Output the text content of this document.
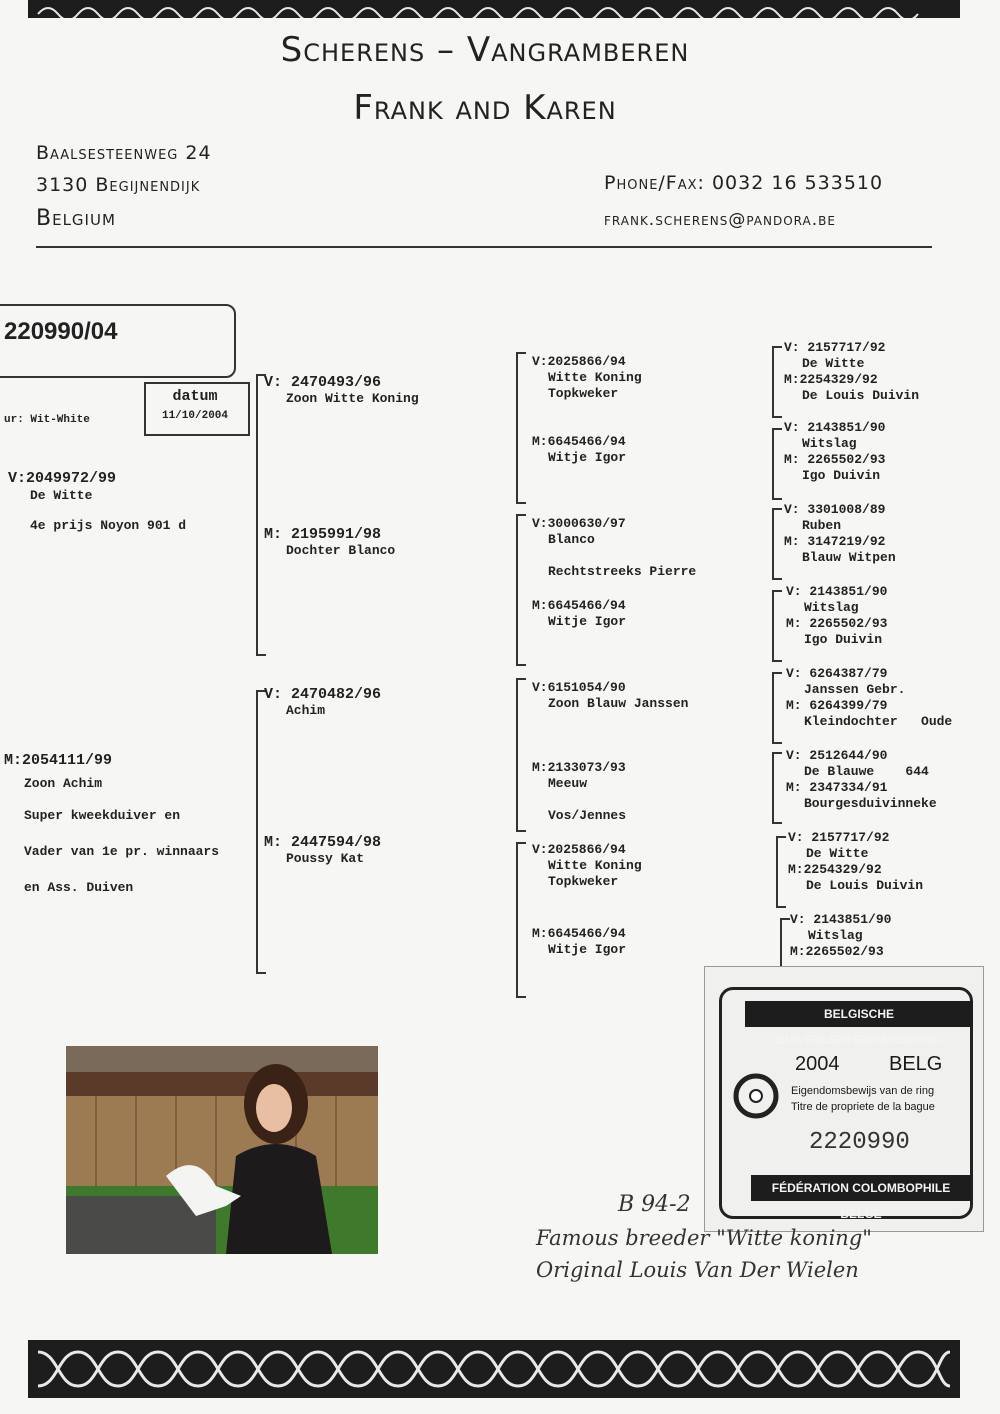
Scherens – Vangramberen
Frank and Karen
Baalsesteenweg 24
3130 Begijnendijk
Belgium
Phone/Fax: 0032 16 533510
frank.scherens@pandora.be
220990/04
datum
11/10/2004
ur: Wit-White
V:2049972/99
De Witte
4e prijs Noyon 901 d
M:2054111/99
Zoon Achim
Super kweekduiver en
Vader van 1e pr. winnaars
en Ass. Duiven
V: 2470493/96
Zoon Witte Koning
M: 2195991/98
Dochter Blanco
V: 2470482/96
Achim
M: 2447594/98
Poussy Kat
V:2025866/94
Witte Koning
Topkweker
M:6645466/94
Witje Igor
V:3000630/97
Blanco
Rechtstreeks Pierre
M:6645466/94
Witje Igor
V:6151054/90
Zoon Blauw Janssen
M:2133073/93
Meeuw
Vos/Jennes
V:2025866/94
Witte Koning
Topkweker
M:6645466/94
Witje Igor
V: 2157717/92
De Witte
M:2254329/92
De Louis Duivin
V: 2143851/90
Witslag
M: 2265502/93
Igo Duivin
V: 3301008/89
Ruben
M: 3147219/92
Blauw Witpen
V: 2143851/90
Witslag
M: 2265502/93
Igo Duivin
V: 6264387/79
Janssen Gebr.
M: 6264399/79
Kleindochter   Oude
V: 2512644/90
De Blauwe    644
M: 2347334/91
Bourgesduivinneke
V: 2157717/92
De Witte
M:2254329/92
De Louis Duivin
V: 2143851/90
Witslag
M:2265502/93
BELGISCHE DUIVENLIEFHEBBERSBOND
2004 BELG
Eigendomsbewijs van de ring
Titre de propriete de la bague
2220990
FÉDÉRATION COLOMBOPHILE BELGE
B 94-2
Famous breeder "Witte koning"
Original Louis Van Der Wielen
